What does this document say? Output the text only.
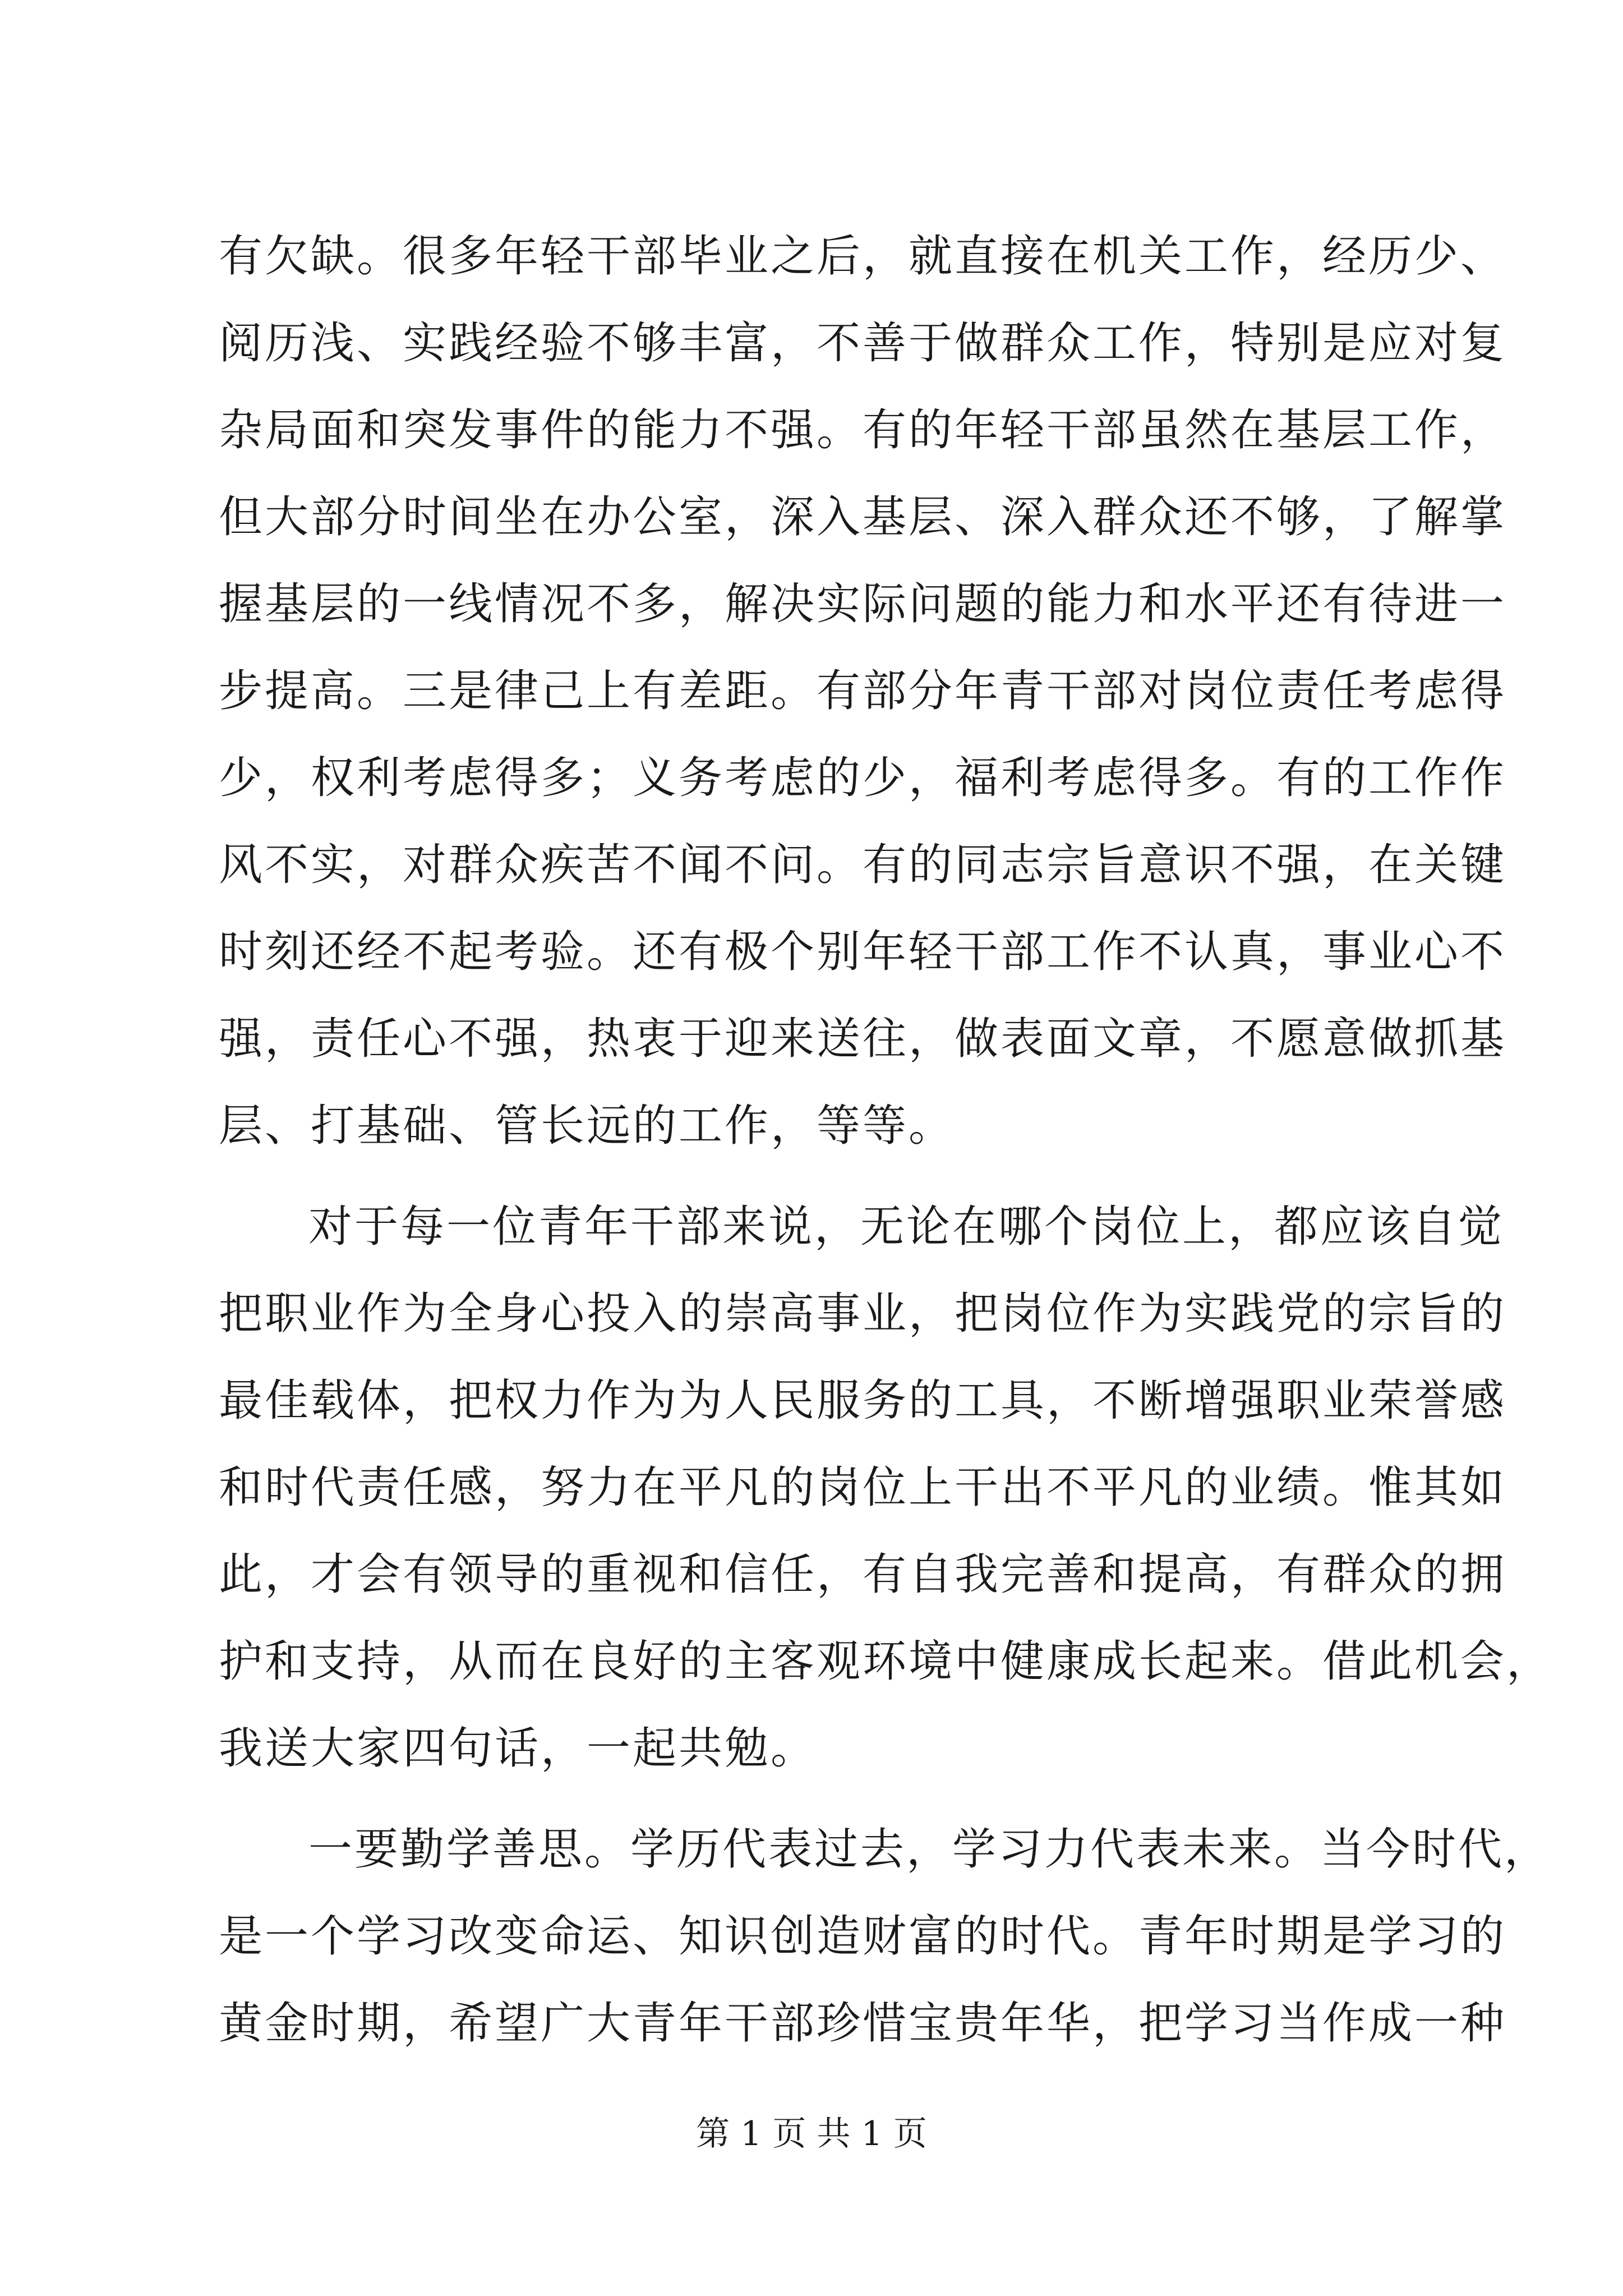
有欠缺。很多年轻干部毕业之后，就直接在机关工作，经历少、
阅历浅、实践经验不够丰富，不善于做群众工作，特别是应对复
杂局面和突发事件的能力不强。有的年轻干部虽然在基层工作，
但大部分时间坐在办公室，深入基层、深入群众还不够，了解掌
握基层的一线情况不多，解决实际问题的能力和水平还有待进一
步提高。三是律己上有差距。有部分年青干部对岗位责任考虑得
少，权利考虑得多；义务考虑的少，福利考虑得多。有的工作作
风不实，对群众疾苦不闻不问。有的同志宗旨意识不强，在关键
时刻还经不起考验。还有极个别年轻干部工作不认真，事业心不
强，责任心不强，热衷于迎来送往，做表面文章，不愿意做抓基
层、打基础、管长远的工作，等等。
对于每一位青年干部来说，无论在哪个岗位上，都应该自觉
把职业作为全身心投入的崇高事业，把岗位作为实践党的宗旨的
最佳载体，把权力作为为人民服务的工具，不断增强职业荣誉感
和时代责任感，努力在平凡的岗位上干出不平凡的业绩。惟其如
此，才会有领导的重视和信任，有自我完善和提高，有群众的拥
护和支持，从而在良好的主客观环境中健康成长起来。借此机会，
我送大家四句话，一起共勉。
一要勤学善思。学历代表过去，学习力代表未来。当今时代，
是一个学习改变命运、知识创造财富的时代。青年时期是学习的
黄金时期，希望广大青年干部珍惜宝贵年华，把学习当作成一种
第 1 页 共 1 页
